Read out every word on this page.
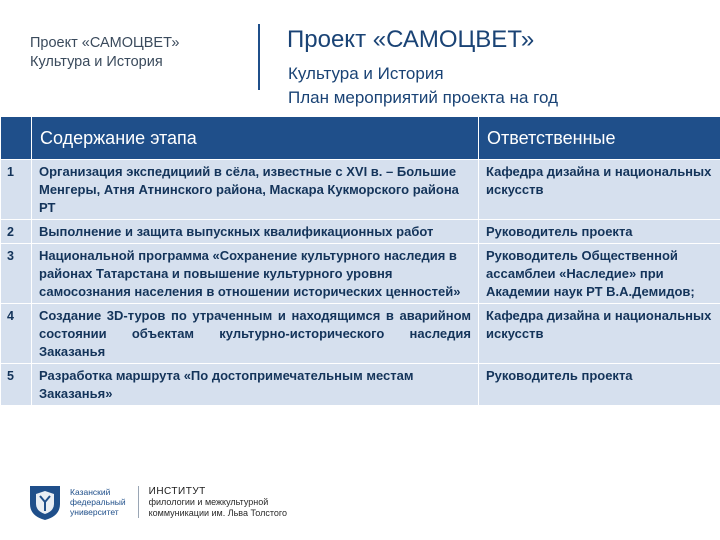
Проект «САМОЦВЕТ»
Культура и История
Проект «САМОЦВЕТ»
Культура и История
План мероприятий проекта на год
	Содержание этапа	Ответственные
1	Организация экспедициий в сёла, известные с XVI в. – Большие Менгеры, Атня Атнинского района, Маскара Кукморского района РТ	Кафедра дизайна и национальных искусств
2	Выполнение и защита выпускных квалификационных работ	Руководитель проекта
3	Национальной программа «Сохранение культурного наследия в районах Татарстана и повышение культурного уровня самосознания населения в отношении исторических ценностей»	Руководитель Общественной ассамблеи «Наследие» при Академии наук РТ В.А.Демидов;
4	Создание 3D-туров по утраченным и находящимся в аварийном состоянии объектам культурно-исторического наследия Заказанья	Кафедра дизайна и национальных искусств
5	Разработка маршрута «По достопримечательным местам Заказанья»	Руководитель проекта
Казанский
федеральный
университет
ИНСТИТУТ
филологии и межкультурной
коммуникации им. Льва Толстого
